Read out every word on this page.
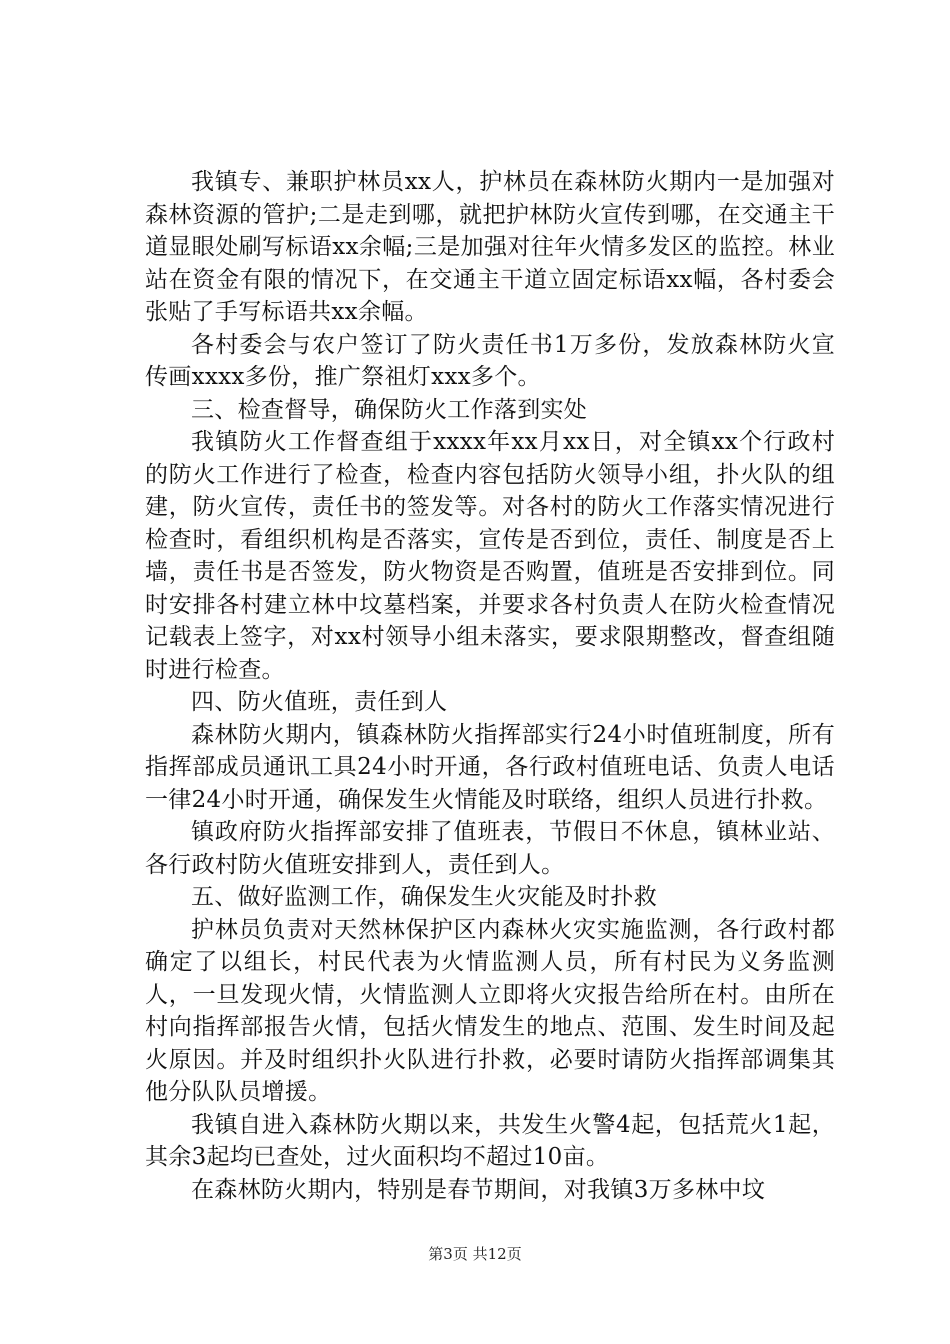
我镇专、兼职护林员xx人，护林员在森林防火期内一是加强对森林资源的管护;二是走到哪，就把护林防火宣传到哪，在交通主干道显眼处刷写标语xx余幅;三是加强对往年火情多发区的监控。林业站在资金有限的情况下，在交通主干道立固定标语xx幅，各村委会张贴了手写标语共xx余幅。

各村委会与农户签订了防火责任书1万多份，发放森林防火宣传画xxxx多份，推广祭祖灯xxx多个。

三、检查督导，确保防火工作落到实处

我镇防火工作督查组于xxxx年xx月xx日，对全镇xx个行政村的防火工作进行了检查，检查内容包括防火领导小组，扑火队的组建，防火宣传，责任书的签发等。对各村的防火工作落实情况进行检查时，看组织机构是否落实，宣传是否到位，责任、制度是否上墙，责任书是否签发，防火物资是否购置，值班是否安排到位。同时安排各村建立林中坟墓档案，并要求各村负责人在防火检查情况记载表上签字，对xx村领导小组未落实，要求限期整改，督查组随时进行检查。

四、防火值班，责任到人

森林防火期内，镇森林防火指挥部实行24小时值班制度，所有指挥部成员通讯工具24小时开通，各行政村值班电话、负责人电话一律24小时开通，确保发生火情能及时联络，组织人员进行扑救。

镇政府防火指挥部安排了值班表，节假日不休息，镇林业站、各行政村防火值班安排到人，责任到人。

五、做好监测工作，确保发生火灾能及时扑救

护林员负责对天然林保护区内森林火灾实施监测，各行政村都确定了以组长，村民代表为火情监测人员，所有村民为义务监测人，一旦发现火情，火情监测人立即将火灾报告给所在村。由所在村向指挥部报告火情，包括火情发生的地点、范围、发生时间及起火原因。并及时组织扑火队进行扑救，必要时请防火指挥部调集其他分队队员增援。

我镇自进入森林防火期以来，共发生火警4起，包括荒火1起，其余3起均已查处，过火面积均不超过10亩。

在森林防火期内，特别是春节期间，对我镇3万多林中坟

第3页 共12页
